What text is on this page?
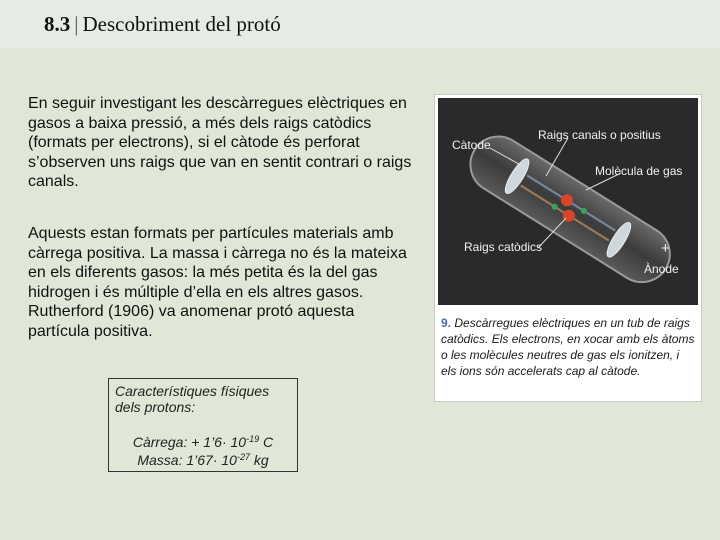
8.3 | Descobriment del protó
En seguir investigant les descàrregues elèctriques en gasos a baixa pressió, a més dels raigs catòdics (formats per electrons), si el càtode és perforat s’observen uns raigs que van en sentit contrari o raigs canals.
Aquests estan formats per partícules materials amb càrrega positiva. La massa i càrrega no és la mateixa en els diferents gasos: la més petita és la del gas hidrogen i és múltiple d’ella en els altres gasos. Rutherford (1906) va anomenar protó aquesta partícula positiva.
Característiques físiques dels protons:
Càrrega: + 1’6· $10^{-19}$ C
Massa: 1’67· $10^{-27}$ kg
Càtode
Raigs canals o positius
Molècula de gas
Raigs catòdics	+
Ànode
9. Descàrregues elèctriques en un tub de raigs catòdics. Els electrons, en xocar amb els àtoms o les molècules neutres de gas els ionitzen, i els ions són accelerats cap al càtode.
